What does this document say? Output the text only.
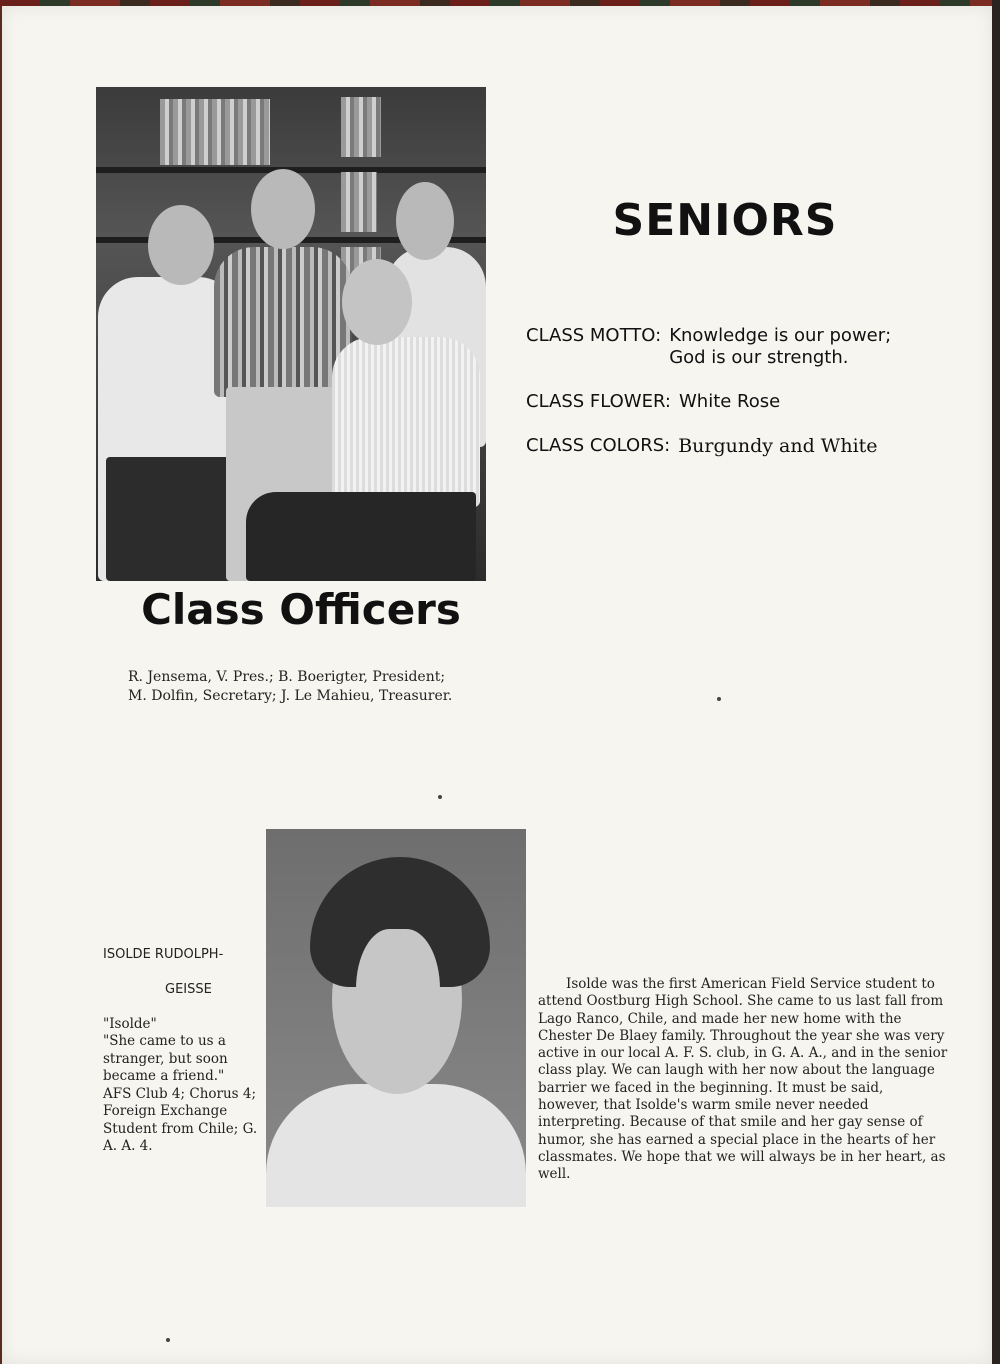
SENIORS
CLASS MOTTO: Knowledge is our power;
God is our strength.
CLASS FLOWER: White Rose
CLASS COLORS: Burgundy and White
Class Officers
R. Jensema, V. Pres.; B. Boerigter, President;
M. Dolfin, Secretary; J. Le Mahieu, Treasurer.

ISOLDE RUDOLPH-

GEISSE

"Isolde"
"She came to us a stranger, but soon became a friend."
AFS Club 4; Chorus 4; Foreign Exchange Student from Chile; G. A. A. 4.
Isolde was the first American Field Service student to attend Oostburg High School. She came to us last fall from Lago Ranco, Chile, and made her new home with the Chester De Blaey family. Throughout the year she was very active in our local A. F. S. club, in G. A. A., and in the senior class play. We can laugh with her now about the language barrier we faced in the beginning. It must be said, however, that Isolde's warm smile never needed interpreting. Because of that smile and her gay sense of humor, she has earned a special place in the hearts of her classmates. We hope that we will always be in her heart, as well.
